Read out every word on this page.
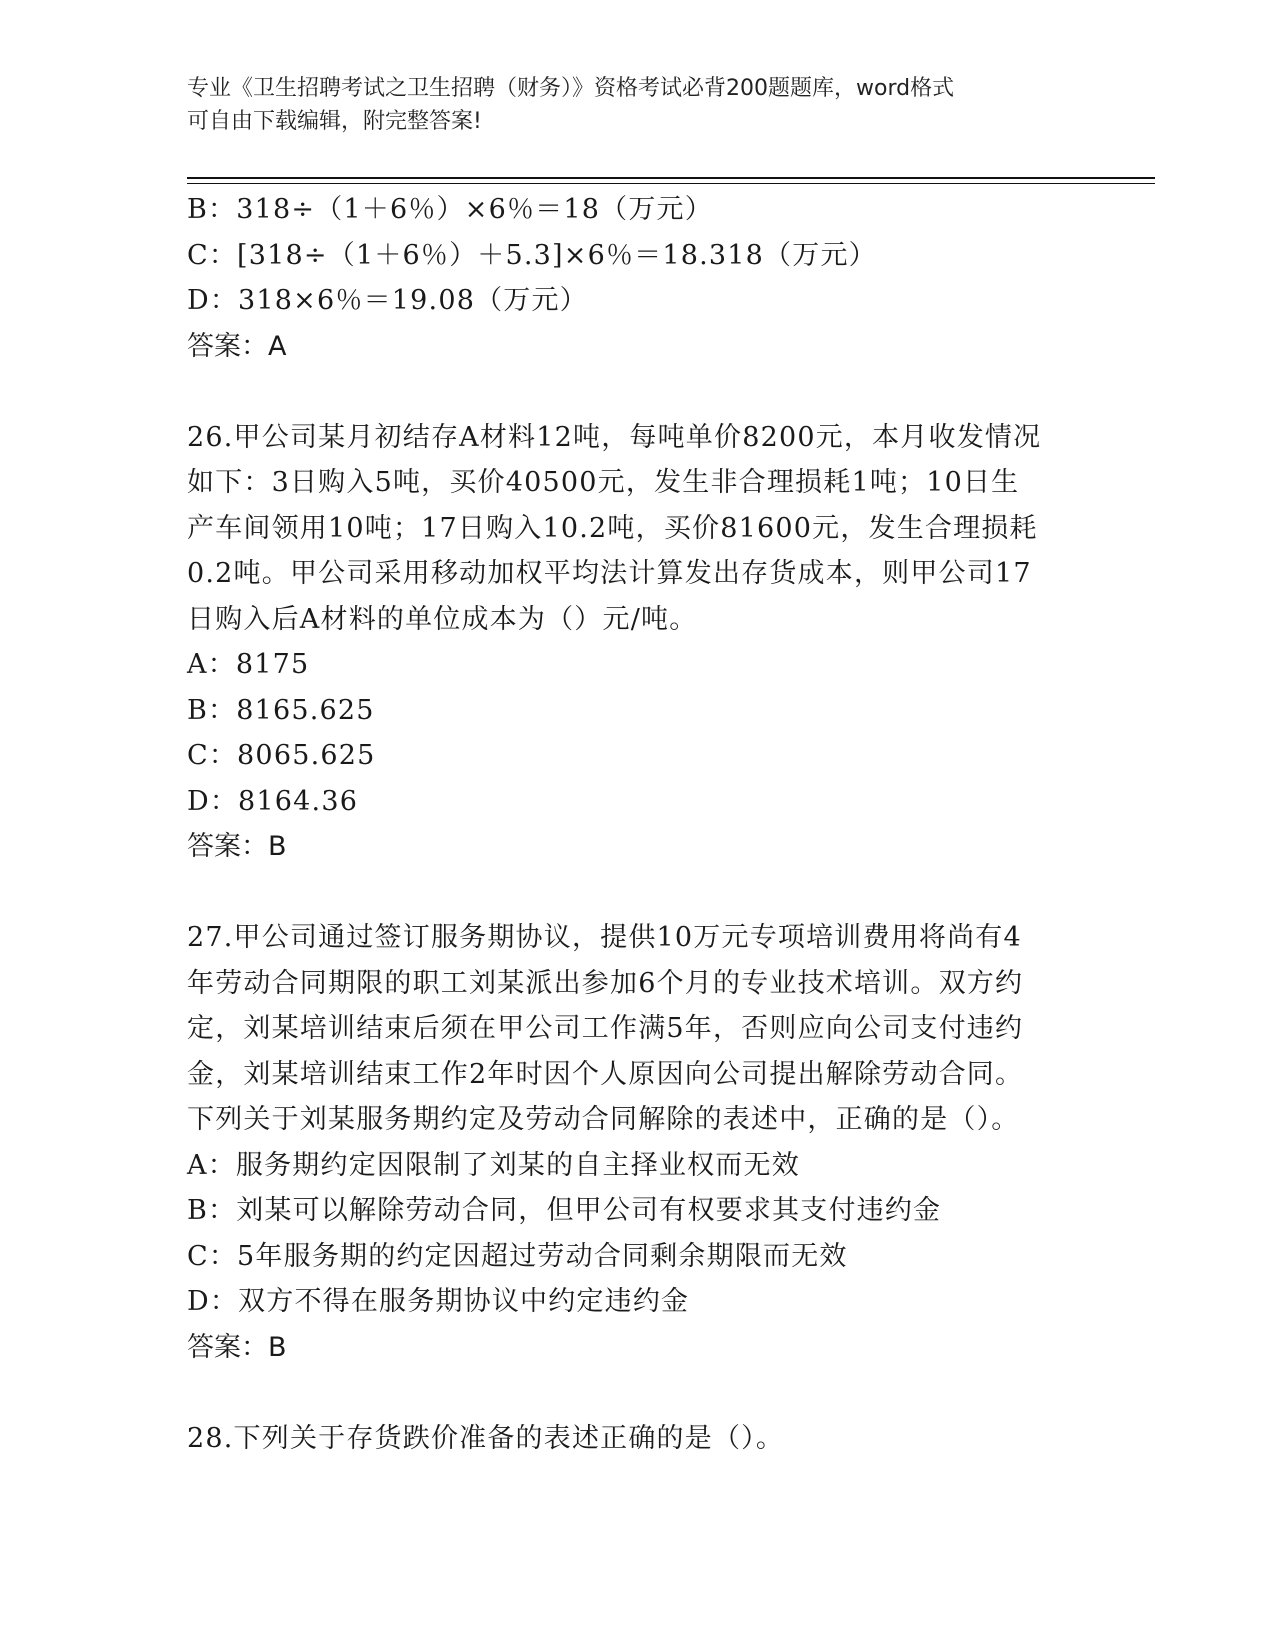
专业《卫生招聘考试之卫生招聘（财务）》资格考试必背200题题库，word格式
可自由下载编辑，附完整答案!
B：318÷（1＋6％）×6％＝18（万元）
C：[318÷（1＋6％）＋5.3]×6％＝18.318（万元）
D：318×6％＝19.08（万元）
答案：A
26.甲公司某月初结存A材料12吨，每吨单价8200元，本月收发情况
如下：3日购入5吨，买价40500元，发生非合理损耗1吨；10日生
产车间领用10吨；17日购入10.2吨，买价81600元，发生合理损耗
0.2吨。甲公司采用移动加权平均法计算发出存货成本，则甲公司17
日购入后A材料的单位成本为（）元/吨。
A：8175
B：8165.625
C：8065.625
D：8164.36
答案：B
27.甲公司通过签订服务期协议，提供10万元专项培训费用将尚有4
年劳动合同期限的职工刘某派出参加6个月的专业技术培训。双方约
定，刘某培训结束后须在甲公司工作满5年，否则应向公司支付违约
金，刘某培训结束工作2年时因个人原因向公司提出解除劳动合同。
下列关于刘某服务期约定及劳动合同解除的表述中，正确的是（）。
A：服务期约定因限制了刘某的自主择业权而无效
B：刘某可以解除劳动合同，但甲公司有权要求其支付违约金
C：5年服务期的约定因超过劳动合同剩余期限而无效
D：双方不得在服务期协议中约定违约金
答案：B
28.下列关于存货跌价准备的表述正确的是（）。
